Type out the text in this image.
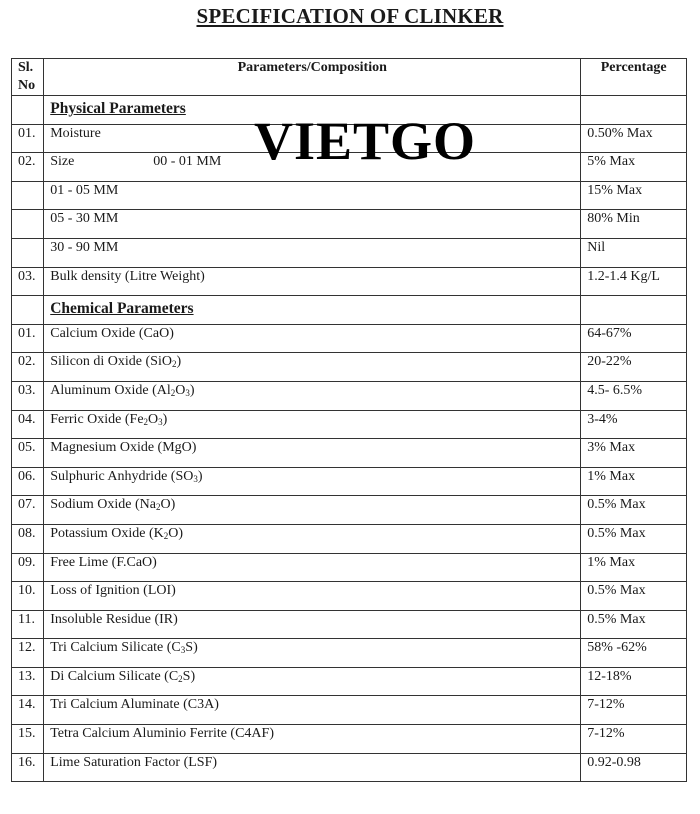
SPECIFICATION OF CLINKER
Sl. No	Parameters/Composition	Percentage
	Physical Parameters	
01.	Moisture	0.50% Max
02.	Size 00 - 01 MM	5% Max
	01 - 05 MM	15% Max
	05 - 30 MM	80% Min
	30 - 90 MM	Nil
03.	Bulk density (Litre Weight)	1.2-1.4 Kg/L
	Chemical Parameters	
01.	Calcium Oxide (CaO)	64-67%
02.	Silicon di Oxide (SiO$_2$)	20-22%
03.	Aluminum Oxide $(Al_2O_3)$	4.5- 6.5%
04.	Ferric Oxide $(Fe_2O_3)$	3-4%
05.	Magnesium Oxide (MgO)	3% Max
06.	Sulphuric Anhydride $(SO_3)$	1% Max
07.	Sodium Oxide $(Na_2O)$	0.5% Max
08.	Potassium Oxide $(K_2O)$	0.5% Max
09.	Free Lime (F.CaO)	1% Max
10.	Loss of Ignition (LOI)	0.5% Max
11.	Insoluble Residue (IR)	0.5% Max
12.	Tri Calcium Silicate $(C_3S)$	58% -62%
13.	Di Calcium Silicate $(C_2S)$	12-18%
14.	Tri Calcium Aluminate (C3A)	7-12%
15.	Tetra Calcium Aluminio Ferrite (C4AF)	7-12%
16.	Lime Saturation Factor (LSF)	0.92-0.98
VIETGO
